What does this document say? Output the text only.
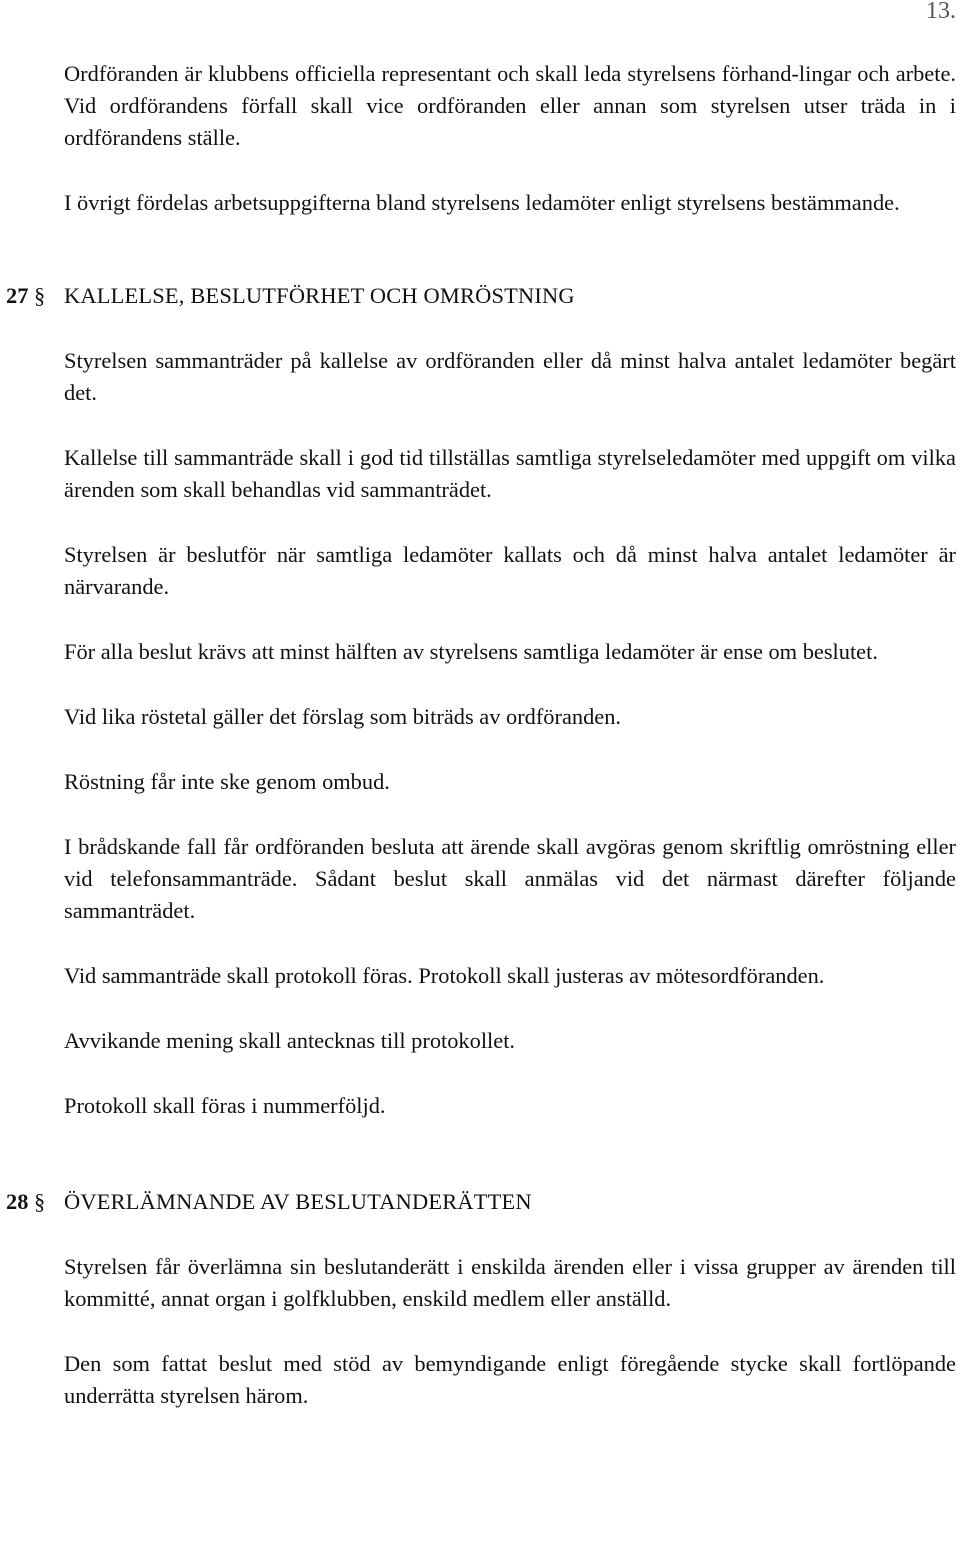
13.

Ordföranden är klubbens officiella representant och skall leda styrelsens förhand-lingar och arbete. Vid ordförandens förfall skall vice ordföranden eller annan som styrelsen utser träda in i ordförandens ställe.

I övrigt fördelas arbetsuppgifterna bland styrelsens ledamöter enligt styrelsens bestämmande.

27 § KALLELSE, BESLUTFÖRHET OCH OMRÖSTNING

Styrelsen sammanträder på kallelse av ordföranden eller då minst halva antalet ledamöter begärt det.

Kallelse till sammanträde skall i god tid tillställas samtliga styrelseledamöter med uppgift om vilka ärenden som skall behandlas vid sammanträdet.

Styrelsen är beslutför när samtliga ledamöter kallats och då minst halva antalet ledamöter är närvarande.

För alla beslut krävs att minst hälften av styrelsens samtliga ledamöter är ense om beslutet.

Vid lika röstetal gäller det förslag som biträds av ordföranden.

Röstning får inte ske genom ombud.

I brådskande fall får ordföranden besluta att ärende skall avgöras genom skriftlig omröstning eller vid telefonsammanträde. Sådant beslut skall anmälas vid det närmast därefter följande sammanträdet.

Vid sammanträde skall protokoll föras. Protokoll skall justeras av mötesordföranden.

Avvikande mening skall antecknas till protokollet.

Protokoll skall föras i nummerföljd.

28 § ÖVERLÄMNANDE AV BESLUTANDERÄTTEN

Styrelsen får överlämna sin beslutanderätt i enskilda ärenden eller i vissa grupper av ärenden till kommitté, annat organ i golfklubben, enskild medlem eller anställd.

Den som fattat beslut med stöd av bemyndigande enligt föregående stycke skall fortlöpande underrätta styrelsen härom.
